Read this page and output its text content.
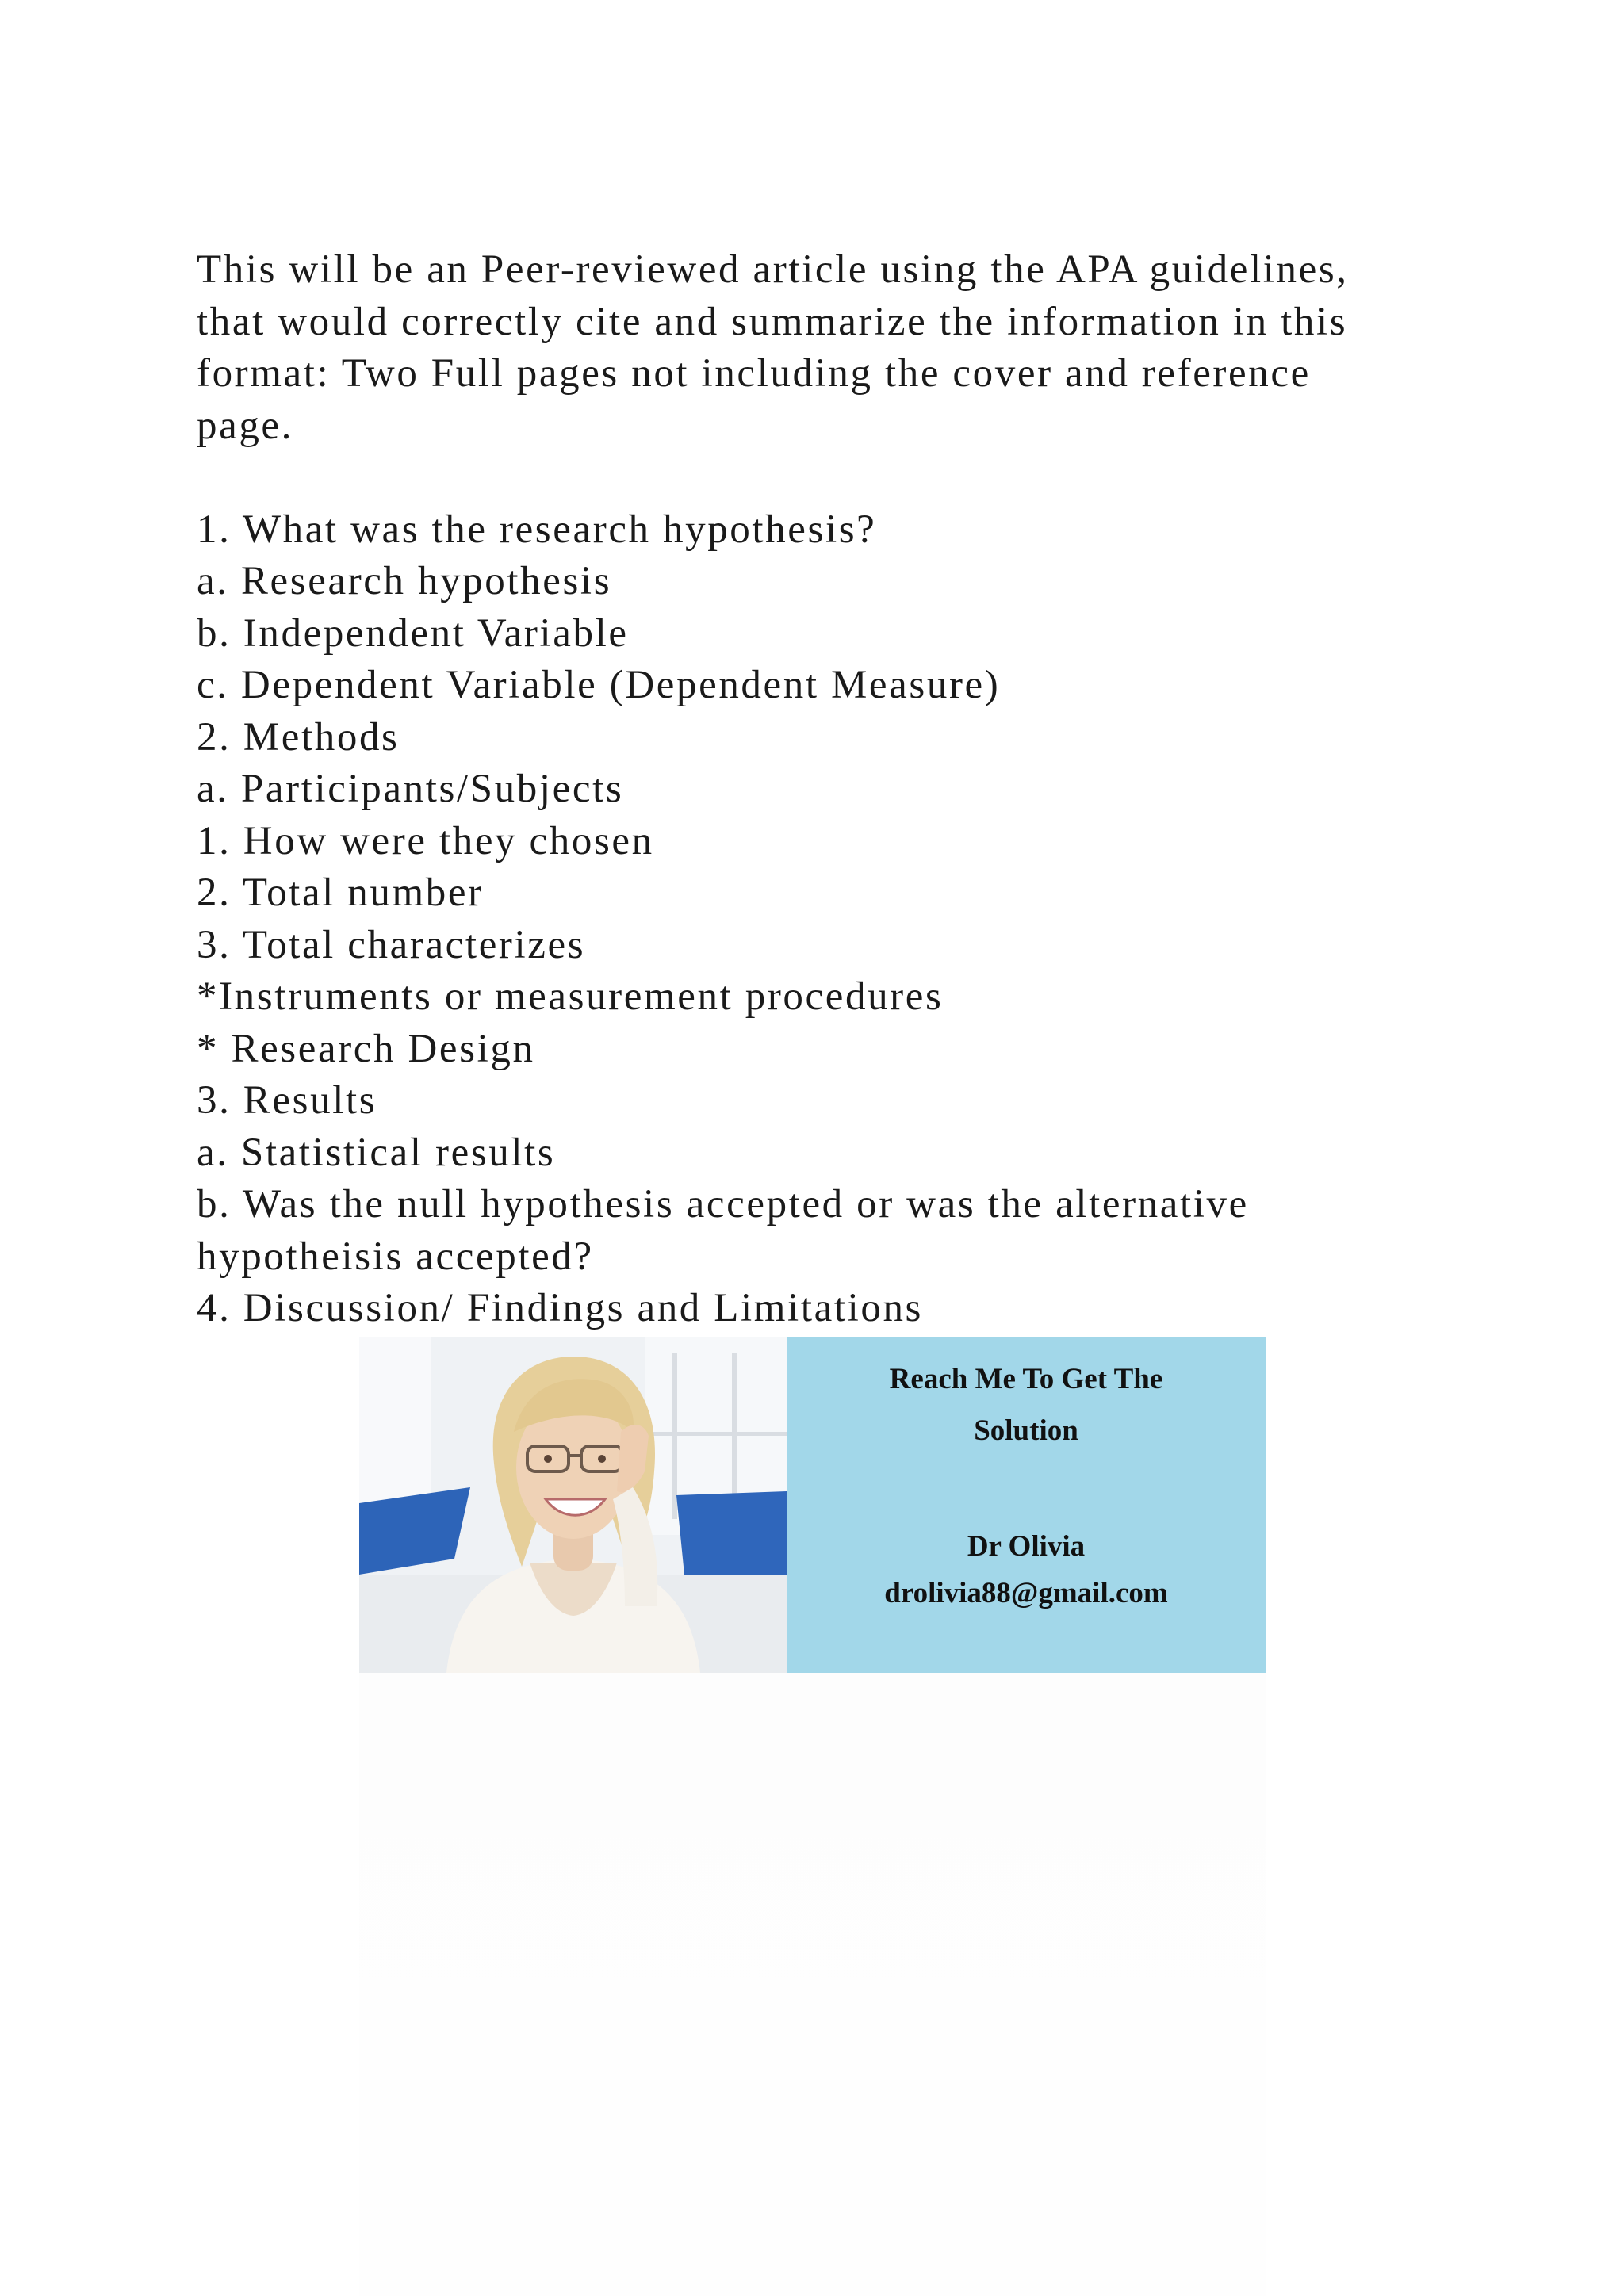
This will be an Peer-reviewed article using the APA guidelines,
that would correctly cite and summarize the information in this
format: Two Full pages not including the cover and reference
page.
1. What was the research hypothesis?
a. Research hypothesis
b. Independent Variable
c. Dependent Variable (Dependent Measure)
2. Methods
a. Participants/Subjects
1. How were they chosen
2. Total number
3. Total characterizes
*Instruments or measurement procedures
* Research Design
3. Results
a. Statistical results
b. Was the null hypothesis accepted or was the alternative
hypotheisis accepted?
4. Discussion/ Findings and Limitations
Reach Me To Get The
Solution
Dr Olivia
drolivia88@gmail.com
